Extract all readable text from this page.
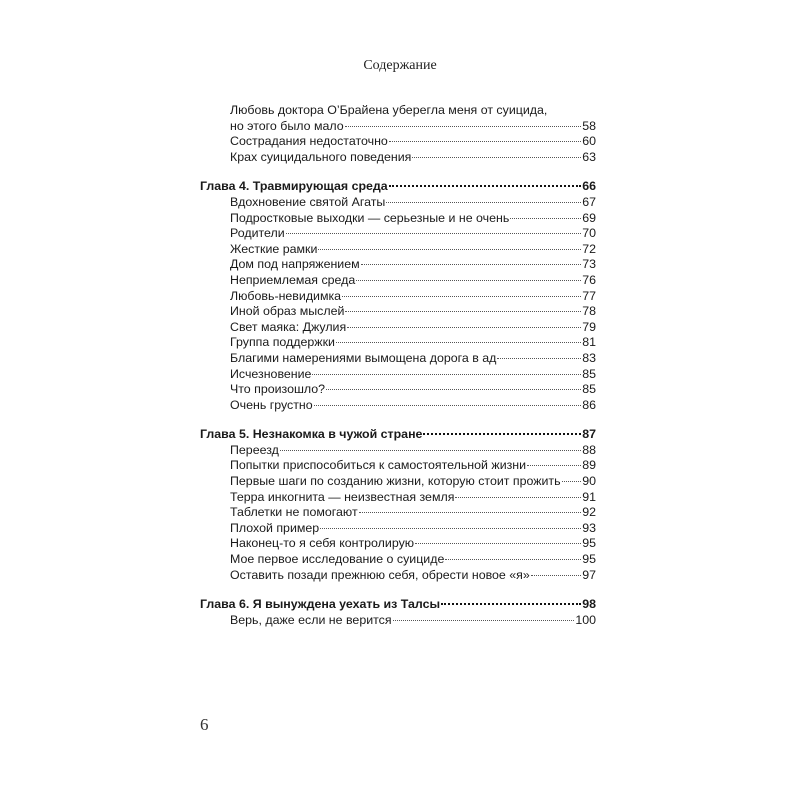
Содержание
Любовь доктора О’Брайена уберегла меня от суицида,
но этого было мало	58
Сострадания недостаточно	60
Крах суицидального поведения	63
Глава 4. Травмирующая среда	66
Вдохновение святой Агаты	67
Подростковые выходки — серьезные и не очень	69
Родители	70
Жесткие рамки	72
Дом под напряжением	73
Неприемлемая среда	76
Любовь-невидимка	77
Иной образ мыслей	78
Свет маяка: Джулия	79
Группа поддержки	81
Благими намерениями вымощена дорога в ад	83
Исчезновение	85
Что произошло?	85
Очень грустно	86
Глава 5. Незнакомка в чужой стране	87
Переезд	88
Попытки приспособиться к самостоятельной жизни	89
Первые шаги по созданию жизни, которую стоит прожить 90
Терра инкогнита — неизвестная земля	91
Таблетки не помогают	92
Плохой пример	93
Наконец-то я себя контролирую	95
Мое первое исследование о суициде	95
Оставить позади прежнюю себя, обрести новое «я»	97
Глава 6. Я вынуждена уехать из Талсы	98
Верь, даже если не верится	100
6
